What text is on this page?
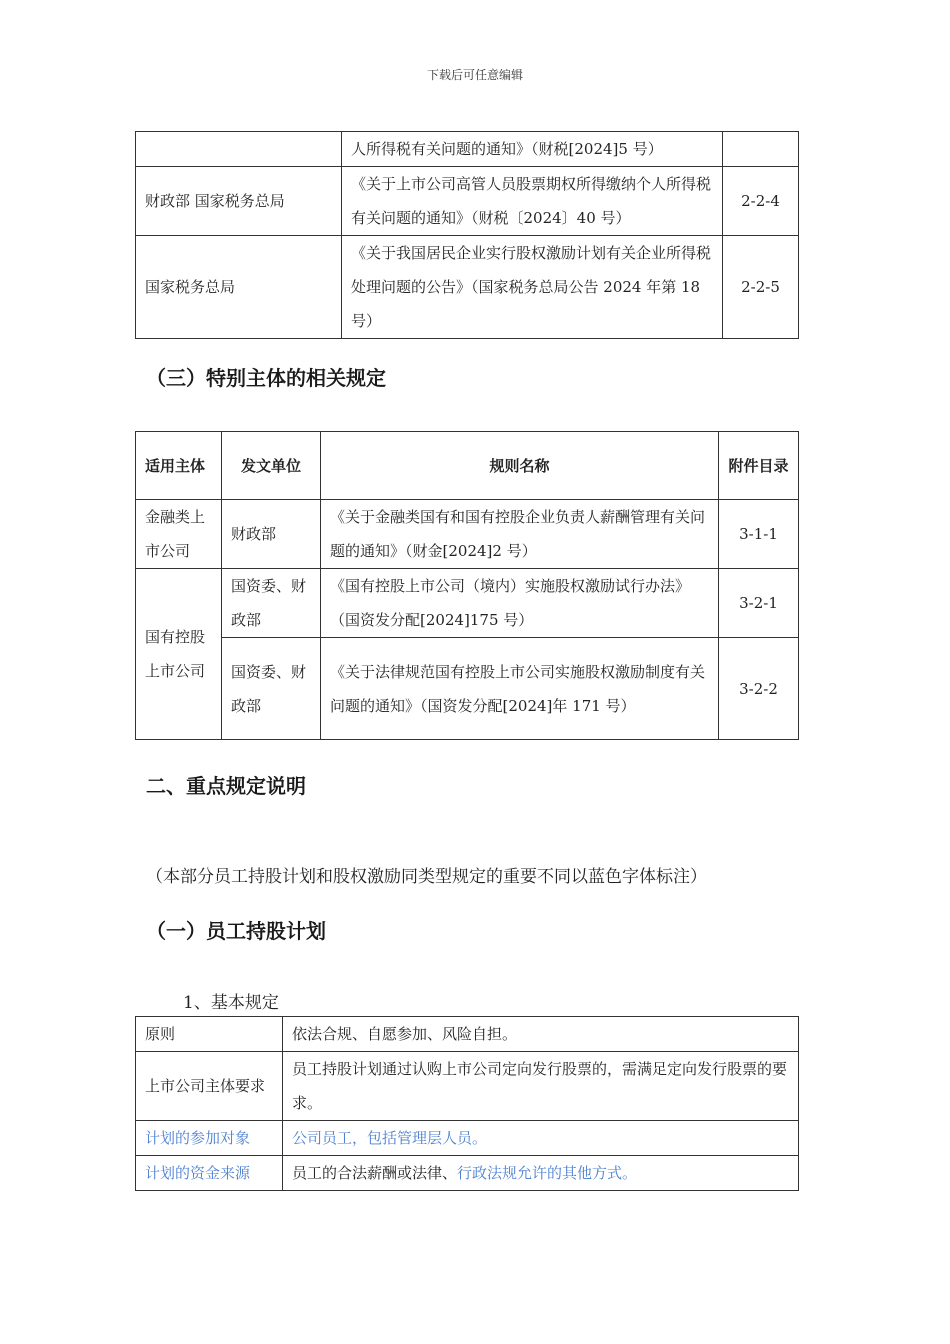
下载后可任意编辑
	人所得税有关问题的通知》（财税[2024]5 号）	
财政部 国家税务总局	《关于上市公司高管人员股票期权所得缴纳个人所得税有关问题的通知》（财税〔2024〕40 号）	2-2-4
国家税务总局	《关于我国居民企业实行股权激励计划有关企业所得税处理问题的公告》（国家税务总局公告 2024 年第 18 号）	2-2-5
（三）特别主体的相关规定
适用主体	发文单位	规则名称	附件目录
金融类上市公司	财政部	《关于金融类国有和国有控股企业负责人薪酬管理有关问题的通知》（财金[2024]2 号）	3-1-1
国有控股上市公司	国资委、财政部	《国有控股上市公司（境内）实施股权激励试行办法》（国资发分配[2024]175 号）	3-2-1
	国资委、财政部	《关于法律规范国有控股上市公司实施股权激励制度有关问题的通知》（国资发分配[2024]年 171 号）	3-2-2
二、重点规定说明
（本部分员工持股计划和股权激励同类型规定的重要不同以蓝色字体标注）
（一）员工持股计划
1、基本规定
原则	依法合规、自愿参加、风险自担。
上市公司主体要求	员工持股计划通过认购上市公司定向发行股票的，需满足定向发行股票的要求。
计划的参加对象	公司员工，包括管理层人员。
计划的资金来源	员工的合法薪酬或法律、行政法规允许的其他方式。
